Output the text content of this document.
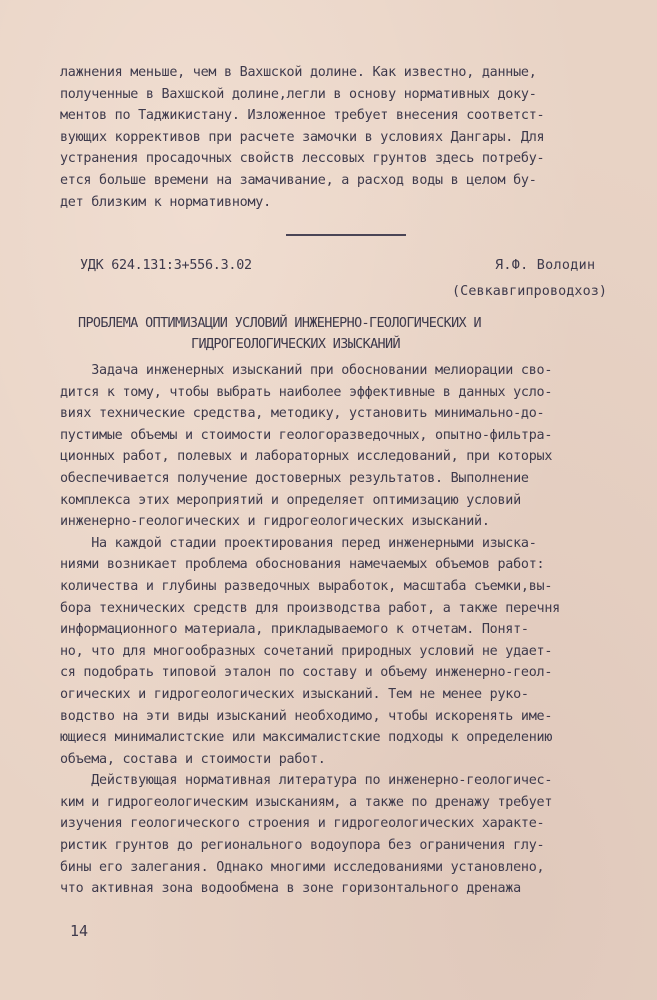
лажнения меньше, чем в Вахшской долине. Как известно, данные,
полученные в Вахшской долине,легли в основу нормативных доку-
ментов по Таджикистану. Изложенное требует внесения соответст-
вующих коррективов при расчете замочки в условиях Дангары. Для
устранения просадочных свойств лессовых грунтов здесь потребу-
ется больше времени на замачивание, а расход воды в целом бу-
дет близким к нормативному.
УДК 624.131:3+556.3.02	Я.Ф. Володин
(Севкавгипроводхоз)
ПРОБЛЕМА ОПТИМИЗАЦИИ УСЛОВИЙ ИНЖЕНЕРНО-ГЕОЛОГИЧЕСКИХ И
ГИДРОГЕОЛОГИЧЕСКИХ ИЗЫСКАНИЙ
Задача инженерных изысканий при обосновании мелиорации сво-
дится к тому, чтобы выбрать наиболее эффективные в данных усло-
виях технические средства, методику, установить минимально-до-
пустимые объемы и стоимости геологоразведочных, опытно-фильтра-
ционных работ, полевых и лабораторных исследований, при которых
обеспечивается получение достоверных результатов. Выполнение
комплекса этих мероприятий и определяет оптимизацию условий
инженерно-геологических и гидрогеологических изысканий.
На каждой стадии проектирования перед инженерными изыска-
ниями возникает проблема обоснования намечаемых объемов работ:
количества и глубины разведочных выработок, масштаба съемки,вы-
бора технических средств для производства работ, а также перечня
информационного материала, прикладываемого к отчетам. Понят-
но, что для многообразных сочетаний природных условий не удает-
ся подобрать типовой эталон по составу и объему инженерно-геол-
огических и гидрогеологических изысканий. Тем не менее руко-
водство на эти виды изысканий необходимо, чтобы искоренять име-
ющиеся минималистские или максималистские подходы к определению
объема, состава и стоимости работ.
Действующая нормативная литература по инженерно-геологичес-
ким и гидрогеологическим изысканиям, а также по дренажу требует
изучения геологического строения и гидрогеологических характе-
ристик грунтов до регионального водоупора без ограничения глу-
бины его залегания. Однако многими исследованиями установлено,
что активная зона водообмена в зоне горизонтального дренажа
14
